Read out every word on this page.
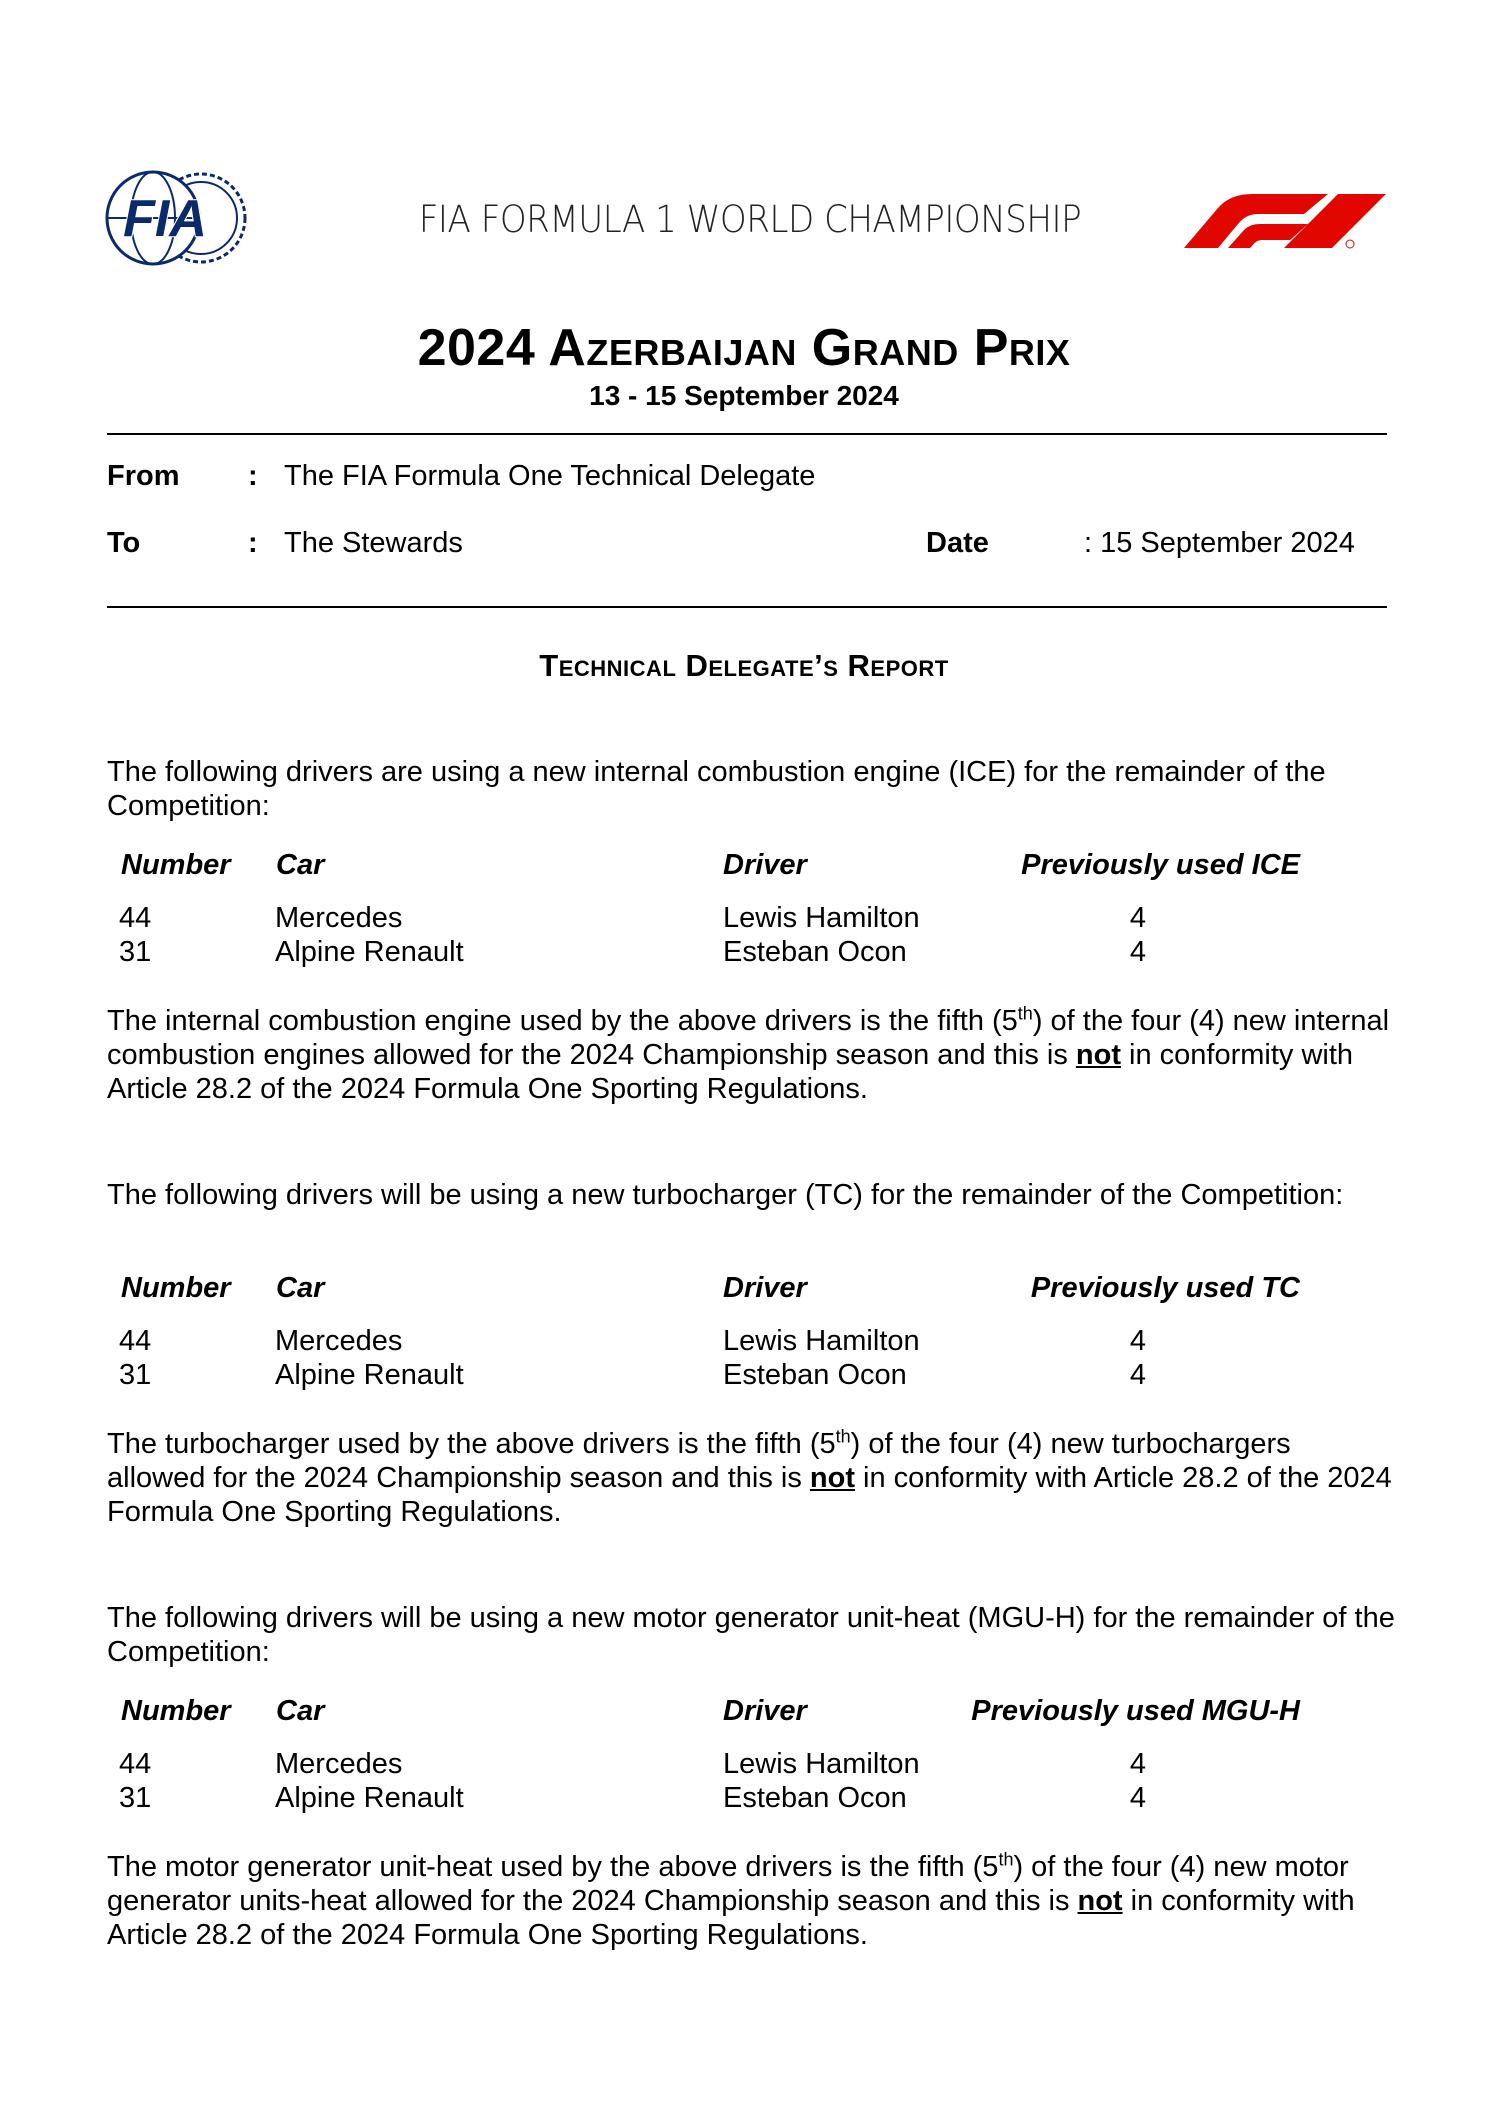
FIA	FIA FORMULA 1 WORLD CHAMPIONSHIP
2024 Azerbaijan Grand Prix
13 - 15 September 2024
From : The FIA Formula One Technical Delegate
To	: The Stewards	Date	: 15 September 2024
Technical Delegate’s Report
The following drivers are using a new internal combustion engine (ICE) for the remainder of the Competition:
Number Car	Driver	Previously used ICE
44	Mercedes	Lewis Hamilton	4
31	Alpine Renault	Esteban Ocon	4
The internal combustion engine used by the above drivers is the fifth (5th) of the four (4) new internal combustion engines allowed for the 2024 Championship season and this is not in conformity with Article 28.2 of the 2024 Formula One Sporting Regulations.
The following drivers will be using a new turbocharger (TC) for the remainder of the Competition:
Number Car	Driver	Previously used TC
44	Mercedes	Lewis Hamilton	4
31	Alpine Renault	Esteban Ocon	4
The turbocharger used by the above drivers is the fifth (5th) of the four (4) new turbochargers allowed for the 2024 Championship season and this is not in conformity with Article 28.2 of the 2024 Formula One Sporting Regulations.
The following drivers will be using a new motor generator unit-heat (MGU-H) for the remainder of the Competition:
Number Car	Driver	Previously used MGU-H
44	Mercedes	Lewis Hamilton	4
31	Alpine Renault	Esteban Ocon	4
The motor generator unit-heat used by the above drivers is the fifth (5th) of the four (4) new motor generator units-heat allowed for the 2024 Championship season and this is not in conformity with Article 28.2 of the 2024 Formula One Sporting Regulations.
